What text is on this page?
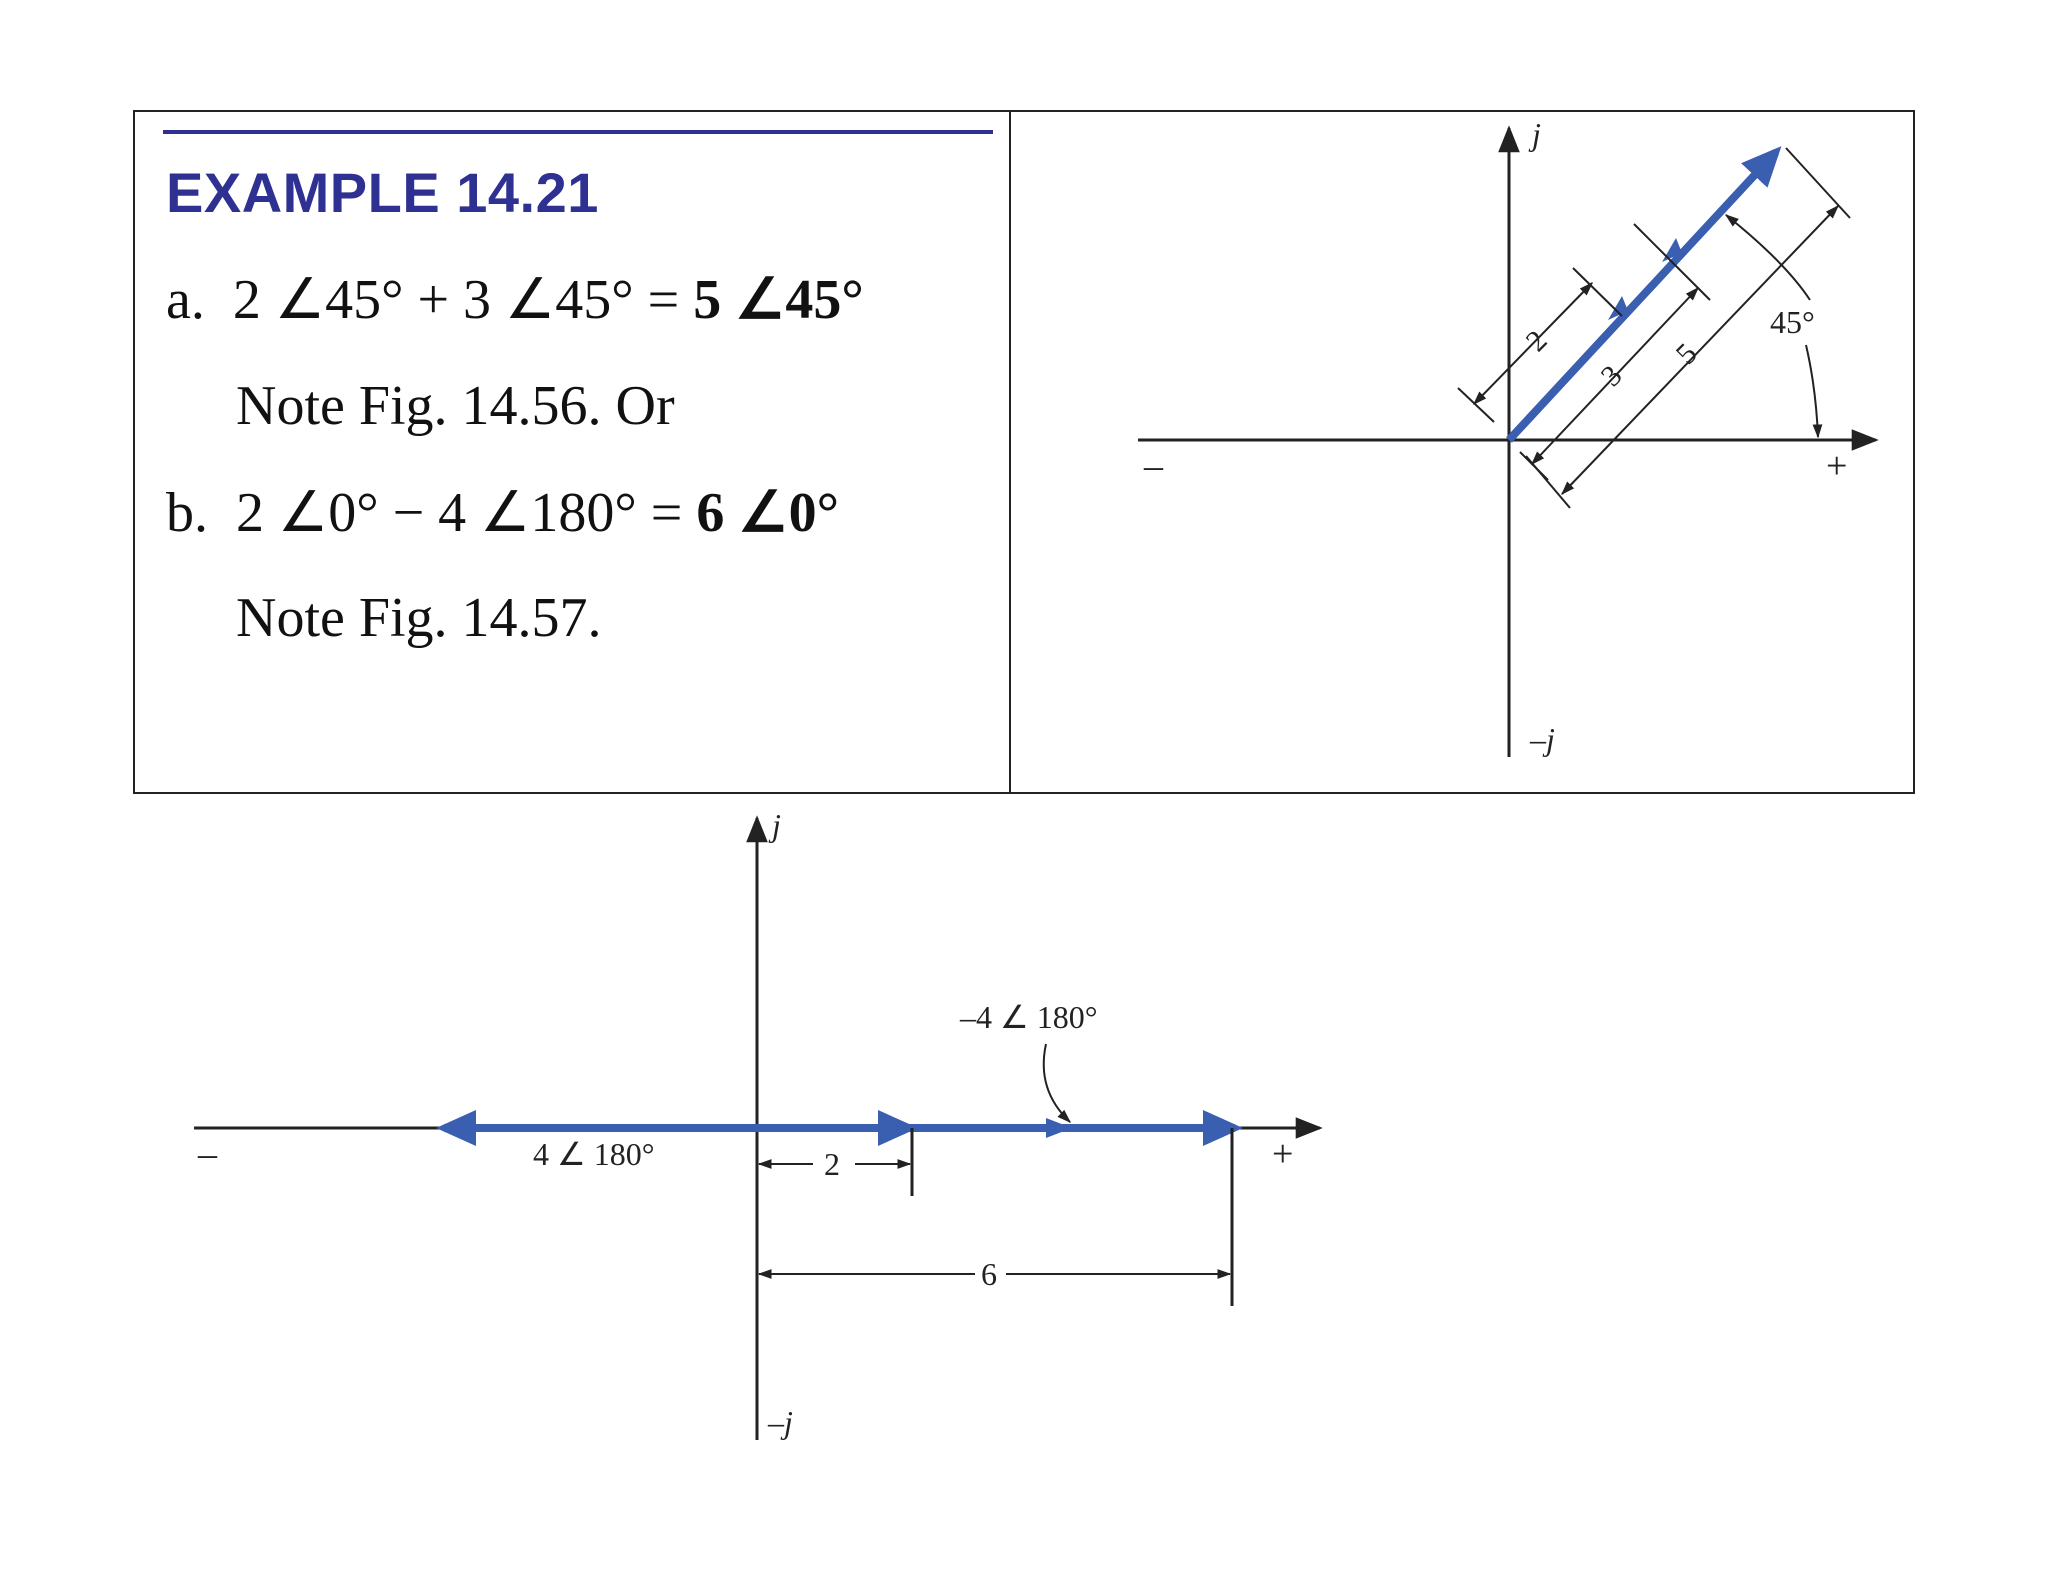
EXAMPLE 14.21
a. 2 ∠45° + 3 ∠45° = 5 ∠45°
Note Fig. 14.56. Or
b. 2 ∠0° − 4 ∠180° = 6 ∠0°
Note Fig. 14.57.
j
–j
+
–
2
3
5
45°
j
–j
+
–	4 ∠ 180°
–4 ∠ 180°
2
6
